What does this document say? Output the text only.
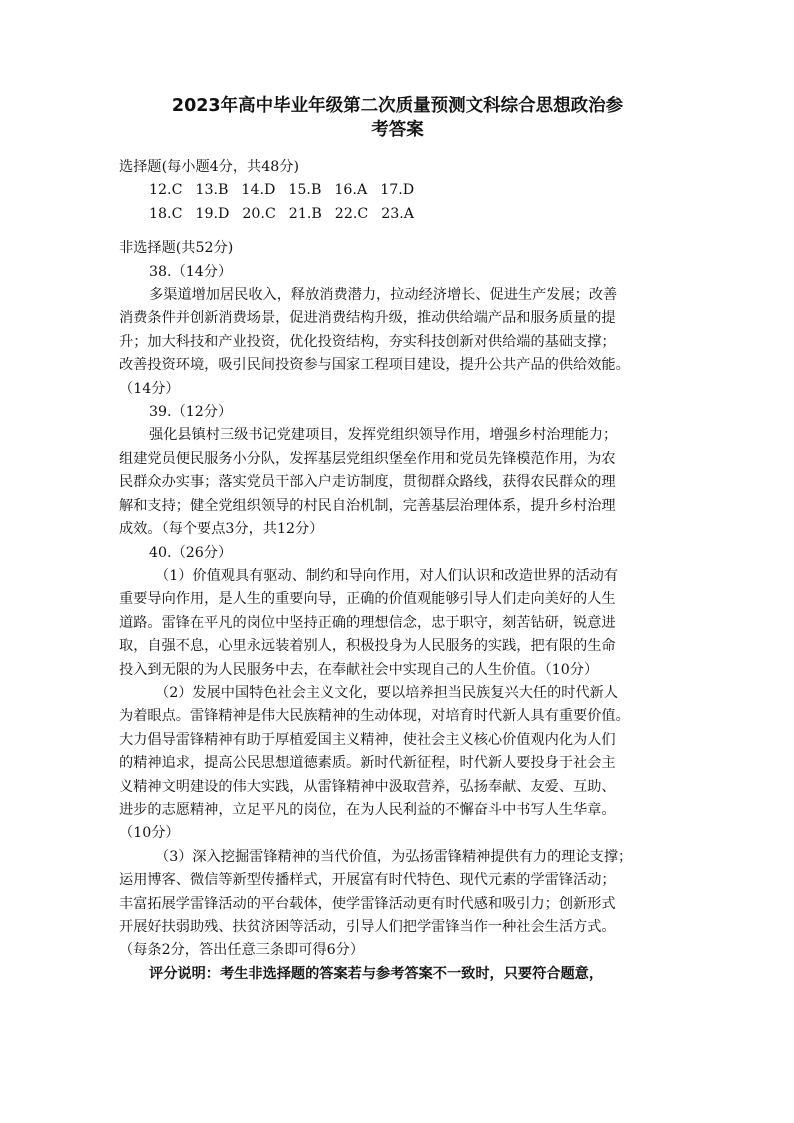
2023年高中毕业年级第二次质量预测文科综合思想政治参
考答案
选择题(每小题4分，共48分)
12.C 13.B 14.D 15.B 16.A 17.D
18.C 19.D 20.C 21.B 22.C 23.A
非选择题(共52分)
38.（14分）
多渠道增加居民收入，释放消费潜力，拉动经济增长、促进生产发展；改善
消费条件并创新消费场景，促进消费结构升级，推动供给端产品和服务质量的提
升；加大科技和产业投资，优化投资结构，夯实科技创新对供给端的基础支撑；
改善投资环境，吸引民间投资参与国家工程项目建设，提升公共产品的供给效能。
（14分）
39.（12分）
强化县镇村三级书记党建项目，发挥党组织领导作用，增强乡村治理能力；
组建党员便民服务小分队，发挥基层党组织堡垒作用和党员先锋模范作用，为农
民群众办实事；落实党员干部入户走访制度，贯彻群众路线，获得农民群众的理
解和支持；健全党组织领导的村民自治机制，完善基层治理体系，提升乡村治理
成效。（每个要点3分，共12分）
40.（26分）
（1）价值观具有驱动、制约和导向作用，对人们认识和改造世界的活动有
重要导向作用，是人生的重要向导，正确的价值观能够引导人们走向美好的人生
道路。雷锋在平凡的岗位中坚持正确的理想信念，忠于职守，刻苦钻研，锐意进
取，自强不息，心里永远装着别人，积极投身为人民服务的实践，把有限的生命
投入到无限的为人民服务中去，在奉献社会中实现自己的人生价值。（10分）
（2）发展中国特色社会主义文化，要以培养担当民族复兴大任的时代新人
为着眼点。雷锋精神是伟大民族精神的生动体现，对培育时代新人具有重要价值。
大力倡导雷锋精神有助于厚植爱国主义精神，使社会主义核心价值观内化为人们
的精神追求，提高公民思想道德素质。新时代新征程，时代新人要投身于社会主
义精神文明建设的伟大实践，从雷锋精神中汲取营养，弘扬奉献、友爱、互助、
进步的志愿精神，立足平凡的岗位，在为人民利益的不懈奋斗中书写人生华章。
（10分）
（3）深入挖掘雷锋精神的当代价值，为弘扬雷锋精神提供有力的理论支撑；
运用博客、微信等新型传播样式，开展富有时代特色、现代元素的学雷锋活动；
丰富拓展学雷锋活动的平台载体，使学雷锋活动更有时代感和吸引力；创新形式
开展好扶弱助残、扶贫济困等活动，引导人们把学雷锋当作一种社会生活方式。
（每条2分，答出任意三条即可得6分）
评分说明：考生非选择题的答案若与参考答案不一致时，只要符合题意，
